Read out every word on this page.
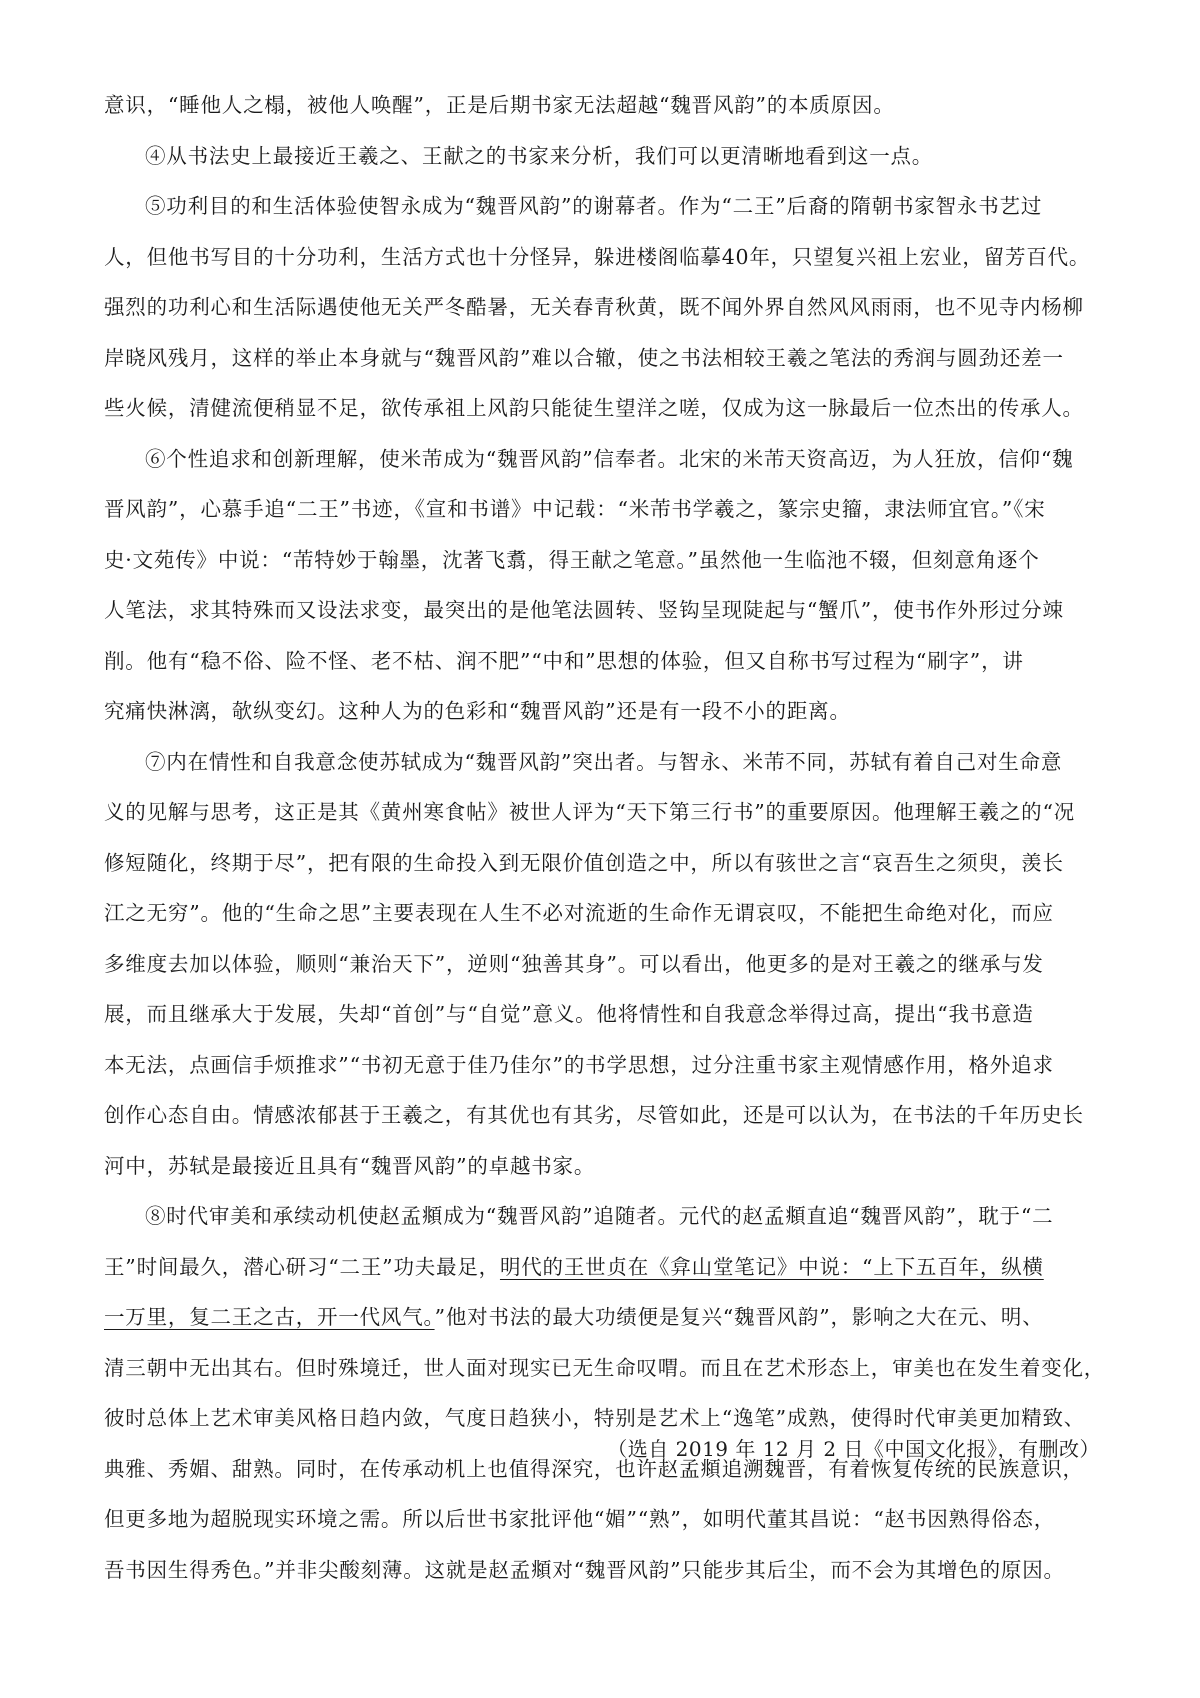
意识，“睡他人之榻，被他人唤醒”，正是后期书家无法超越“魏晋风韵”的本质原因。
④从书法史上最接近王羲之、王献之的书家来分析，我们可以更清晰地看到这一点。
⑤功利目的和生活体验使智永成为“魏晋风韵”的谢幕者。作为“二王”后裔的隋朝书家智永书艺过
人，但他书写目的十分功利，生活方式也十分怪异，躲进楼阁临摹40年，只望复兴祖上宏业，留芳百代。
强烈的功利心和生活际遇使他无关严冬酷暑，无关春青秋黄，既不闻外界自然风风雨雨，也不见寺内杨柳
岸晓风残月，这样的举止本身就与“魏晋风韵”难以合辙，使之书法相较王羲之笔法的秀润与圆劲还差一
些火候，清健流便稍显不足，欲传承祖上风韵只能徒生望洋之嗟，仅成为这一脉最后一位杰出的传承人。
⑥个性追求和创新理解，使米芾成为“魏晋风韵”信奉者。北宋的米芾天资高迈，为人狂放，信仰“魏
晋风韵”，心慕手追“二王”书迹，《宣和书谱》中记载：“米芾书学羲之，篆宗史籀，隶法师宜官。”《宋
史·文苑传》中说：“芾特妙于翰墨，沈著飞翥，得王献之笔意。”虽然他一生临池不辍，但刻意角逐个
人笔法，求其特殊而又设法求变，最突出的是他笔法圆转、竖钩呈现陡起与“蟹爪”，使书作外形过分竦
削。他有“稳不俗、险不怪、老不枯、润不肥”“中和”思想的体验，但又自称书写过程为“刷字”，讲
究痛快淋漓，欹纵变幻。这种人为的色彩和“魏晋风韵”还是有一段不小的距离。
⑦内在情性和自我意念使苏轼成为“魏晋风韵”突出者。与智永、米芾不同，苏轼有着自己对生命意
义的见解与思考，这正是其《黄州寒食帖》被世人评为“天下第三行书”的重要原因。他理解王羲之的“况
修短随化，终期于尽”，把有限的生命投入到无限价值创造之中，所以有骇世之言“哀吾生之须臾，羡长
江之无穷”。他的“生命之思”主要表现在人生不必对流逝的生命作无谓哀叹，不能把生命绝对化，而应
多维度去加以体验，顺则“兼治天下”，逆则“独善其身”。可以看出，他更多的是对王羲之的继承与发
展，而且继承大于发展，失却“首创”与“自觉”意义。他将情性和自我意念举得过高，提出“我书意造
本无法，点画信手烦推求”“书初无意于佳乃佳尔”的书学思想，过分注重书家主观情感作用，格外追求
创作心态自由。情感浓郁甚于王羲之，有其优也有其劣，尽管如此，还是可以认为，在书法的千年历史长
河中，苏轼是最接近且具有“魏晋风韵”的卓越书家。
⑧时代审美和承续动机使赵孟頫成为“魏晋风韵”追随者。元代的赵孟頫直追“魏晋风韵”，耽于“二
王”时间最久，潜心研习“二王”功夫最足，明代的王世贞在《弇山堂笔记》中说：“上下五百年，纵横
一万里，复二王之古，开一代风气。”他对书法的最大功绩便是复兴“魏晋风韵”，影响之大在元、明、
清三朝中无出其右。但时殊境迁，世人面对现实已无生命叹喟。而且在艺术形态上，审美也在发生着变化，
彼时总体上艺术审美风格日趋内敛，气度日趋狭小，特别是艺术上“逸笔”成熟，使得时代审美更加精致、
典雅、秀媚、甜熟。同时，在传承动机上也值得深究，也许赵孟頫追溯魏晋，有着恢复传统的民族意识，
但更多地为超脱现实环境之需。所以后世书家批评他“媚”“熟”，如明代董其昌说：“赵书因熟得俗态，
吾书因生得秀色。”并非尖酸刻薄。这就是赵孟頫对“魏晋风韵”只能步其后尘，而不会为其增色的原因。
（选自 2019 年 12 月 2 日《中国文化报》，有删改）
